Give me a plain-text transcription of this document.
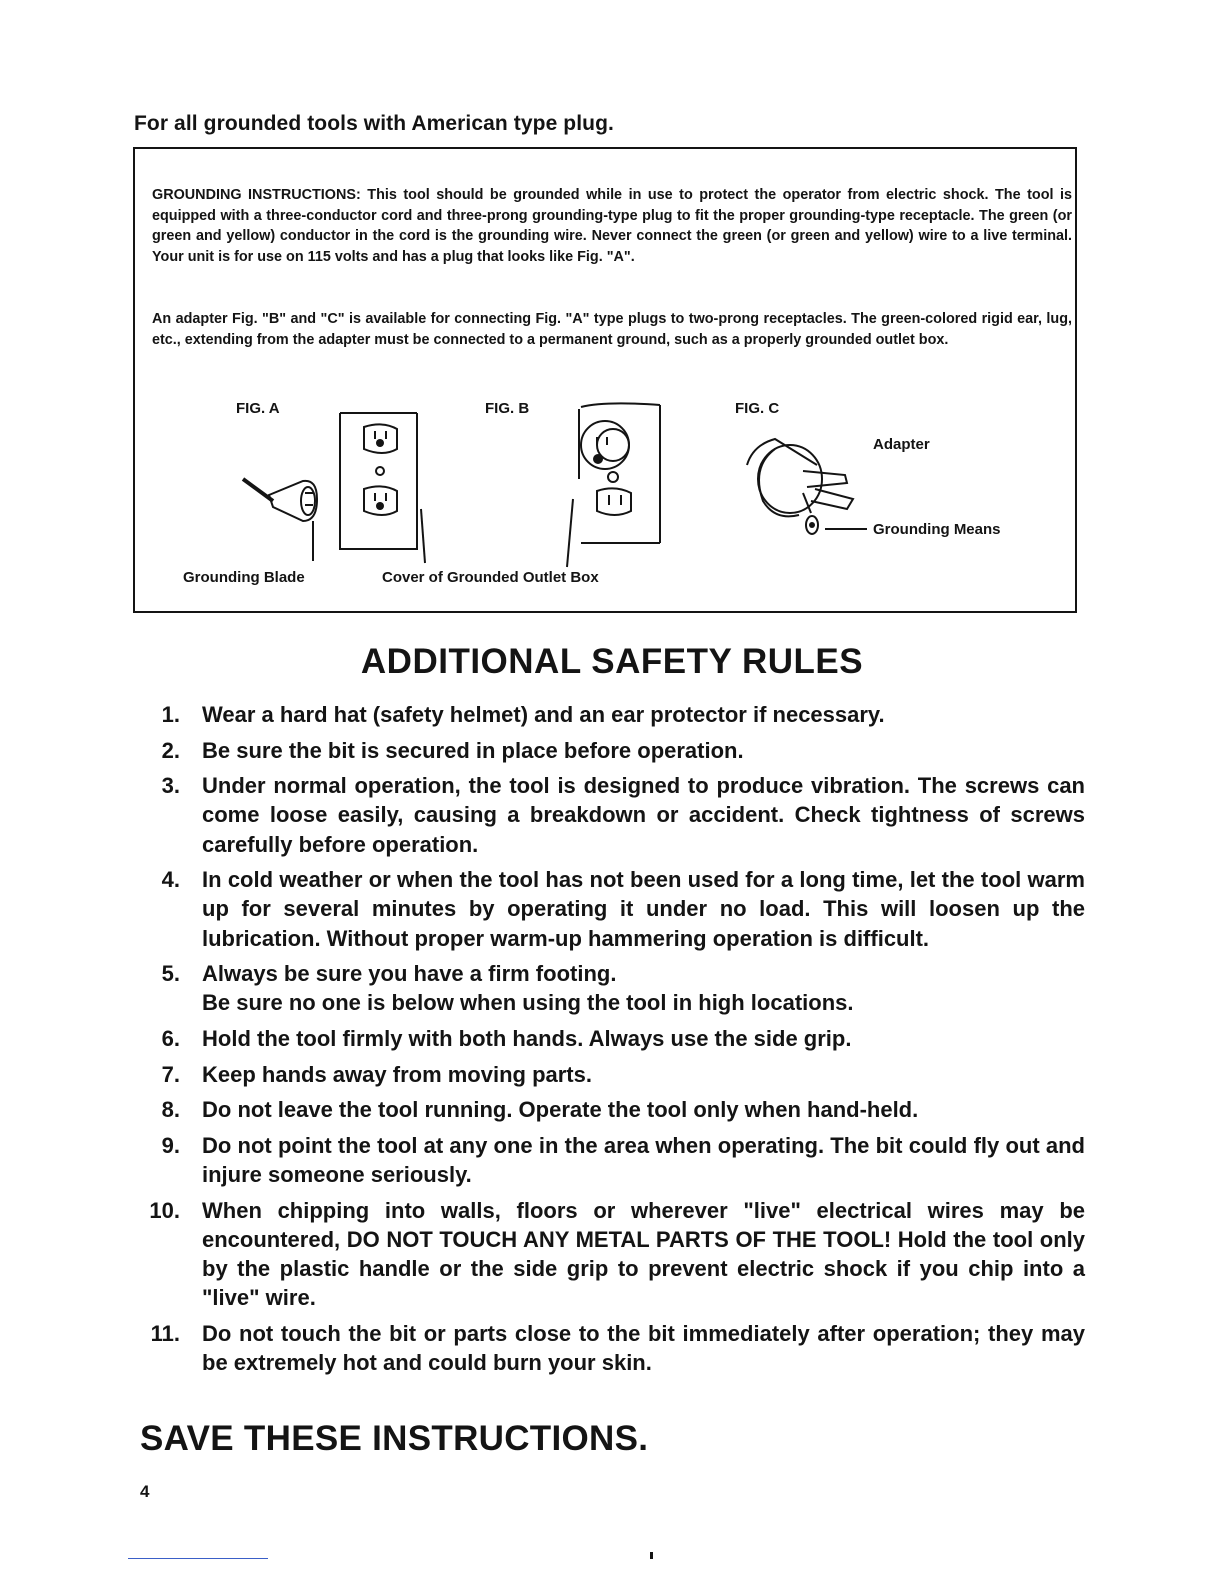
For all grounded tools with American type plug.

GROUNDING INSTRUCTIONS: This tool should be grounded while in use to protect the operator from electric shock. The tool is equipped with a three-conductor cord and three-prong grounding-type plug to fit the proper grounding-type receptacle. The green (or green and yellow) conductor in the cord is the grounding wire. Never connect the green (or green and yellow) wire to a live terminal. Your unit is for use on 115 volts and has a plug that looks like Fig. "A".

An adapter Fig. "B" and "C" is available for connecting Fig. "A" type plugs to two-prong receptacles. The green-colored rigid ear, lug, etc., extending from the adapter must be connected to a permanent ground, such as a properly grounded outlet box.

FIG. A	FIG. B	FIG. C
Adapter
Grounding Means
Grounding Blade	Cover of Grounded Outlet Box
ADDITIONAL SAFETY RULES
1. Wear a hard hat (safety helmet) and an ear protector if necessary.
2. Be sure the bit is secured in place before operation.
3. Under normal operation, the tool is designed to produce vibration. The screws can come loose easily, causing a breakdown or accident. Check tightness of screws carefully before operation.
4. In cold weather or when the tool has not been used for a long time, let the tool warm up for several minutes by operating it under no load. This will loosen up the lubrication. Without proper warm-up hammering operation is difficult.
5. Always be sure you have a firm footing.
Be sure no one is below when using the tool in high locations.
6. Hold the tool firmly with both hands. Always use the side grip.
7. Keep hands away from moving parts.
8. Do not leave the tool running. Operate the tool only when hand-held.
9. Do not point the tool at any one in the area when operating. The bit could fly out and injure someone seriously.
10. When chipping into walls, floors or wherever "live" electrical wires may be encountered, DO NOT TOUCH ANY METAL PARTS OF THE TOOL! Hold the tool only by the plastic handle or the side grip to prevent electric shock if you chip into a "live" wire.
11. Do not touch the bit or parts close to the bit immediately after operation; they may be extremely hot and could burn your skin.
SAVE THESE INSTRUCTIONS.
4
